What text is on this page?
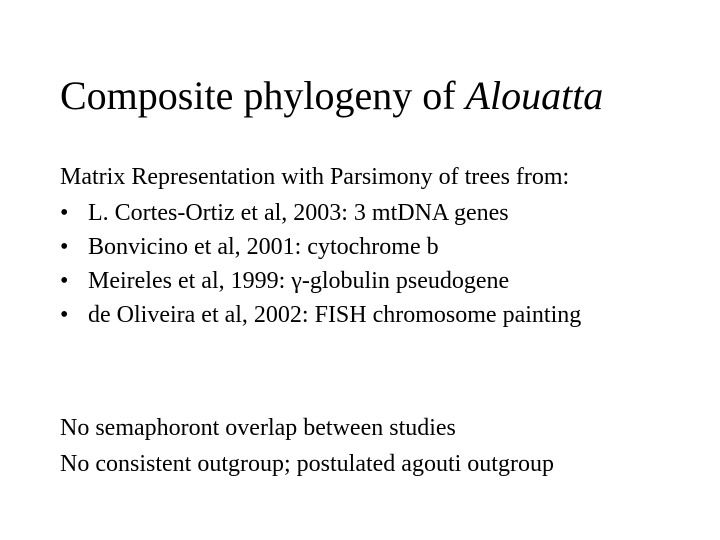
Composite phylogeny of Alouatta
Matrix Representation with Parsimony of trees from:
• L. Cortes-Ortiz et al, 2003: 3 mtDNA genes
• Bonvicino et al, 2001: cytochrome b
• Meireles et al, 1999: γ-globulin pseudogene
• de Oliveira et al, 2002: FISH chromosome painting
No semaphoront overlap between studies
No consistent outgroup; postulated agouti outgroup
